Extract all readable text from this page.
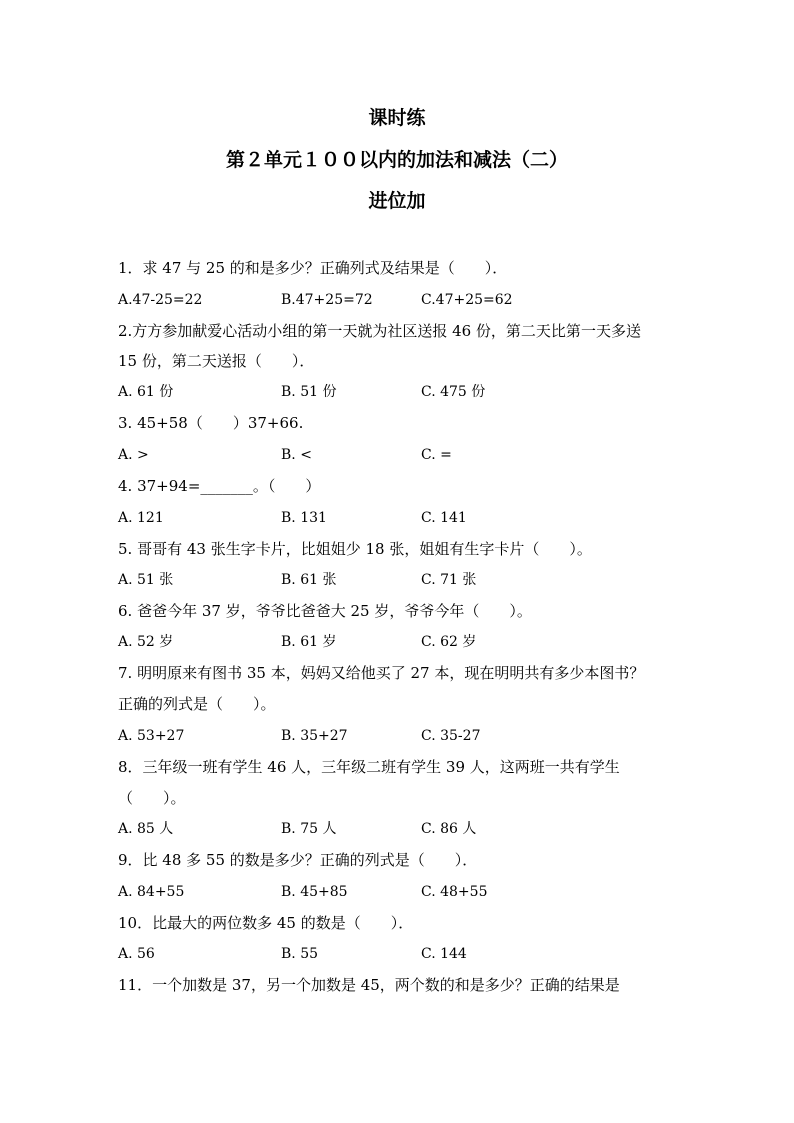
课时练
第２单元１００以内的加法和减法（二）
进位加
1．求 47 与 25 的和是多少？正确列式及结果是（　　）．
A.47-25=22	B.47+25=72	C.47+25=62
2.方方参加献爱心活动小组的第一天就为社区送报 46 份，第二天比第一天多送
15 份，第二天送报（　　）．
A. 61 份	B. 51 份	C. 475 份
3. 45+58（　　）37+66.
A. >	B. <	C. =
4. 37+94=_______。（　　）
A. 121	B. 131	C. 141
5. 哥哥有 43 张生字卡片，比姐姐少 18 张，姐姐有生字卡片（　　）。
A. 51 张	B. 61 张	C. 71 张
6. 爸爸今年 37 岁，爷爷比爸爸大 25 岁，爷爷今年（　　）。
A. 52 岁	B. 61 岁	C. 62 岁
7. 明明原来有图书 35 本，妈妈又给他买了 27 本，现在明明共有多少本图书？
正确的列式是（　　）。
A. 53+27	B. 35+27	C. 35-27
8．三年级一班有学生 46 人，三年级二班有学生 39 人，这两班一共有学生
（　　）。
A. 85 人	B. 75 人	C. 86 人
9．比 48 多 55 的数是多少？正确的列式是（　　）．
A. 84+55	B. 45+85	C. 48+55
10．比最大的两位数多 45 的数是（　　）．
A. 56	B. 55	C. 144
11．一个加数是 37，另一个加数是 45，两个数的和是多少？正确的结果是
